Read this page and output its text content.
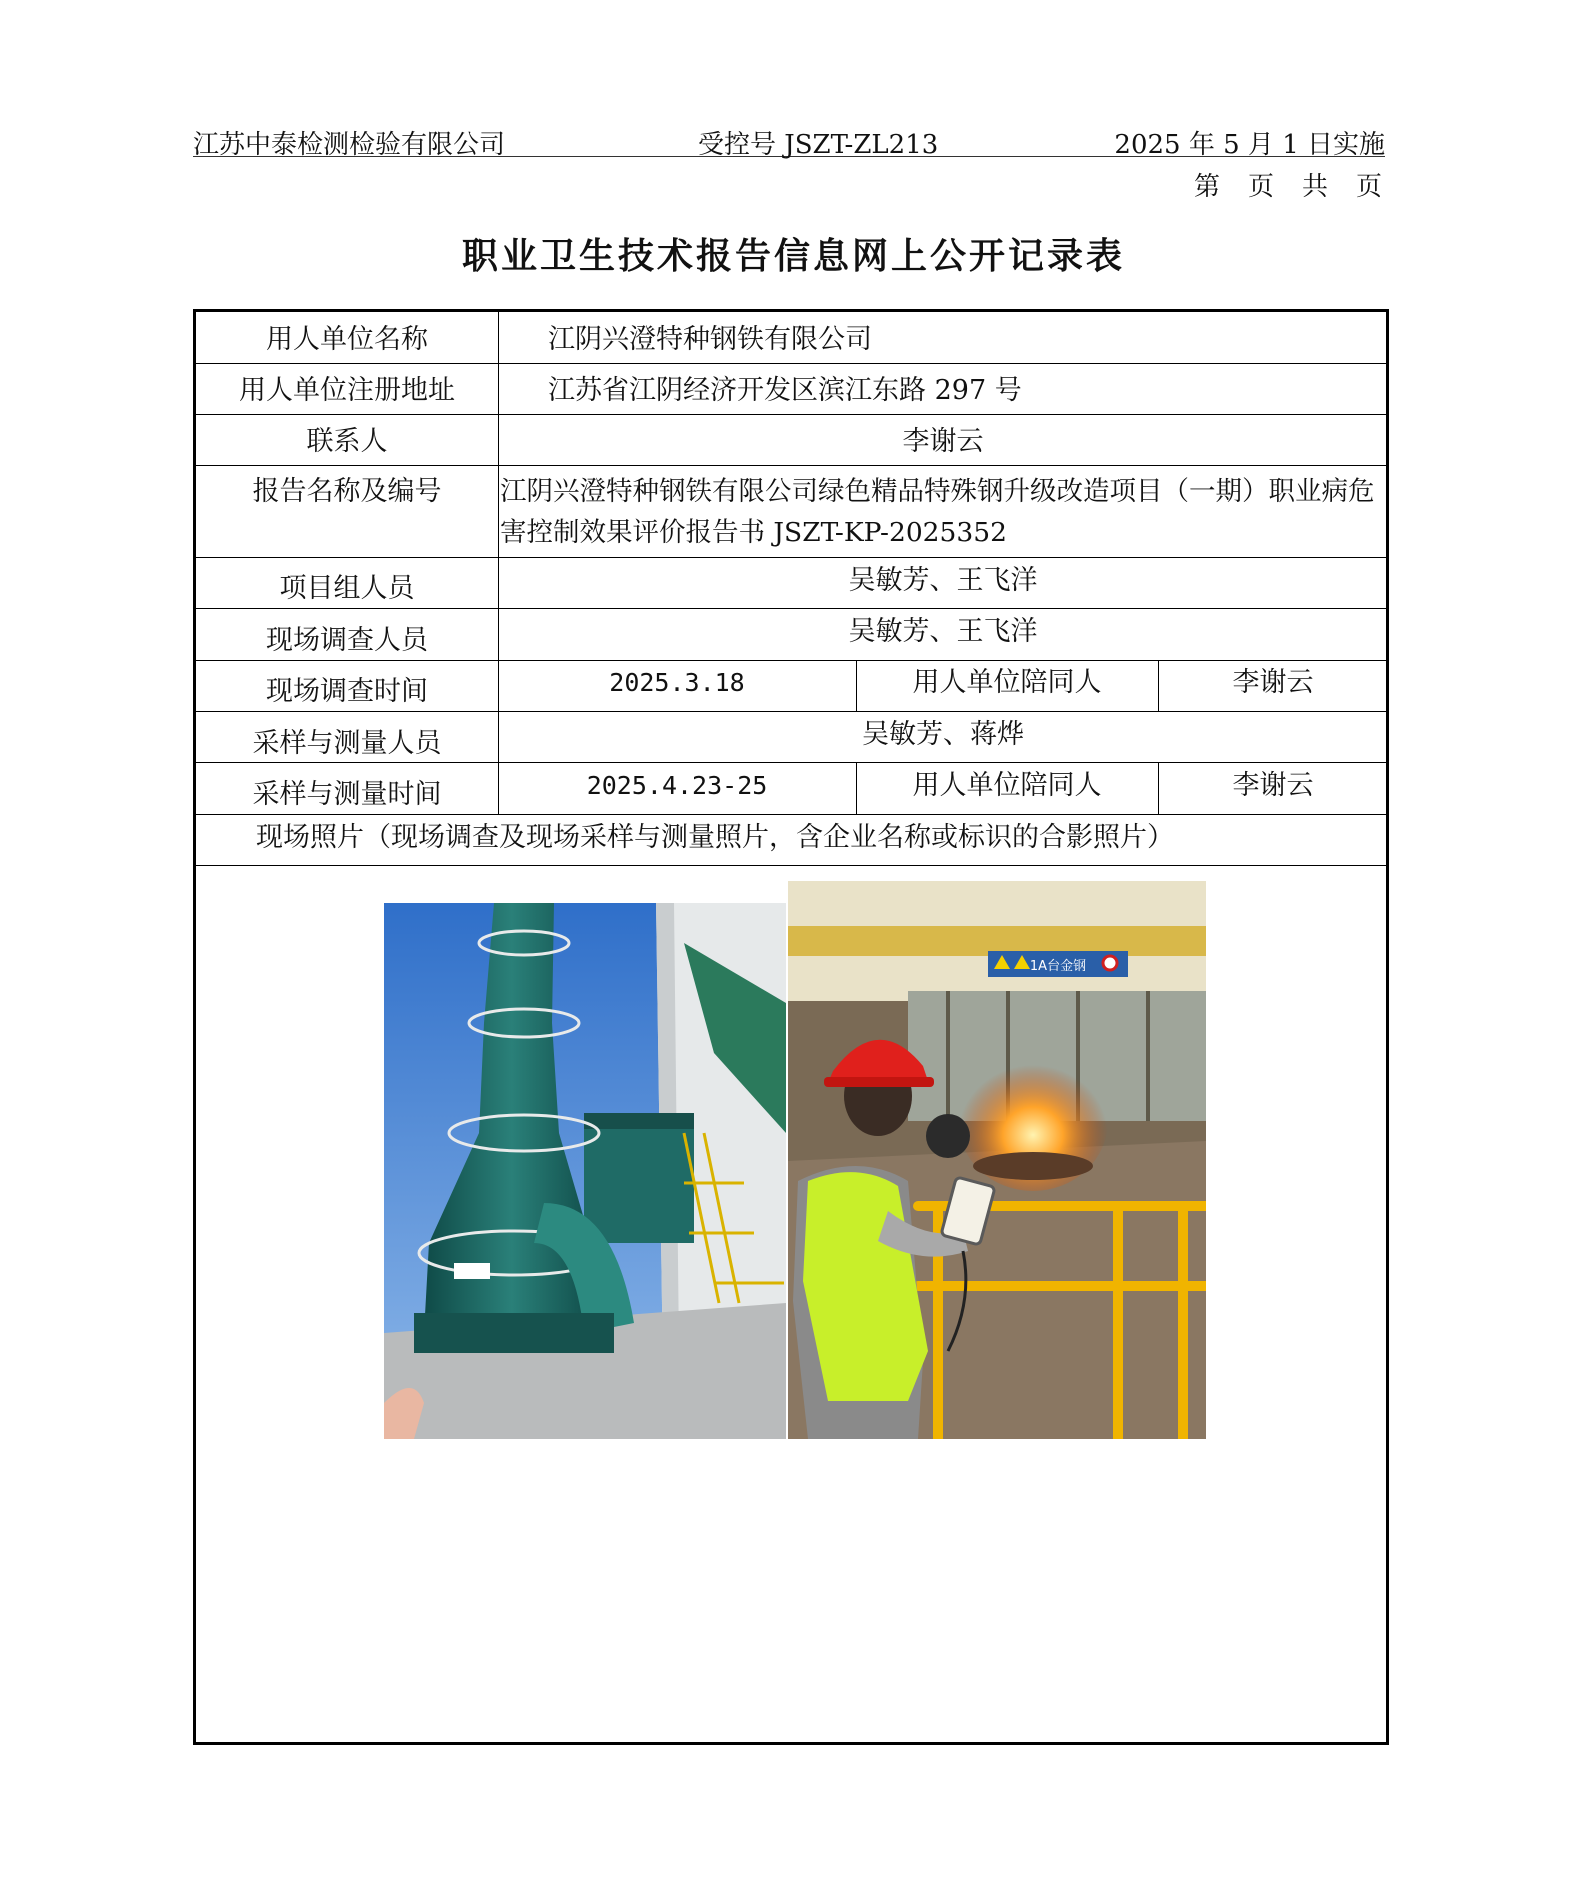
江苏中泰检测检验有限公司	受控号 JSZT-ZL213	2025 年 5 月 1 日实施
第 页 共 页
职业卫生技术报告信息网上公开记录表
用人单位名称	江阴兴澄特种钢铁有限公司
用人单位注册地址	江苏省江阴经济开发区滨江东路 297 号
联系人	李谢云
报告名称及编号	江阴兴澄特种钢铁有限公司绿色精品特殊钢升级改造项目（一期）职业病危
害控制效果评价报告书 JSZT-KP-2025352
项目组人员	吴敏芳、王飞洋
现场调查人员	吴敏芳、王飞洋
现场调查时间	2025.3.18	用人单位陪同人	李谢云
采样与测量人员	吴敏芳、蒋烨
采样与测量时间	2025.4.23-25	用人单位陪同人	李谢云
现场照片（现场调查及现场采样与测量照片，含企业名称或标识的合影照片）
1A台金钢
